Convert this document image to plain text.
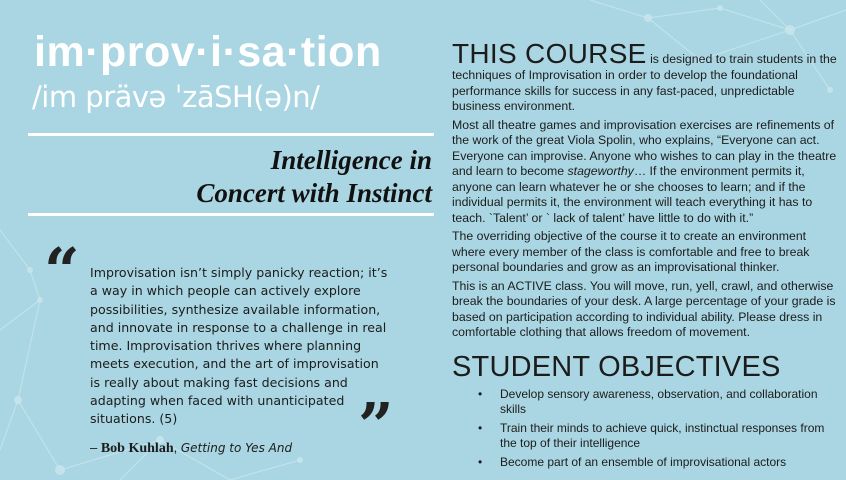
im·prov·i·sa·tion
/im prävə ˈzāSH(ə)n/
Intelligence in
Concert with Instinct
“ Improvisation isn’t simply panicky reaction; it’s a way in which people can actively explore possibilities, synthesize available information, and innovate in response to a challenge in real time. Improvisation thrives where planning meets execution, and the art of improvisation is really about making fast decisions and adapting when faced with unanticipated situations. (5)	”
– Bob Kuhlah, Getting to Yes And

THIS COURSE is designed to train students in the techniques of Improvisation in order to develop the foundational performance skills for success in any fast-paced, unpredictable business environment.

Most all theatre games and improvisation exercises are refinements of the work of the great Viola Spolin, who explains, “Everyone can act. Everyone can improvise. Anyone who wishes to can play in the theatre and learn to become stageworthy… If the environment permits it, anyone can learn whatever he or she chooses to learn; and if the individual permits it, the environment will teach everything it has to teach. `Talent’ or ` lack of talent’ have little to do with it.”

The overriding objective of the course it to create an environment where every member of the class is comfortable and free to break personal boundaries and grow as an improvisational thinker.

This is an ACTIVE class. You will move, run, yell, crawl, and otherwise break the boundaries of your desk. A large percentage of your grade is based on participation according to individual ability. Please dress in comfortable clothing that allows freedom of movement.

STUDENT OBJECTIVES
• Develop sensory awareness, observation, and collaboration skills
• Train their minds to achieve quick, instinctual responses from the top of their intelligence
• Become part of an ensemble of improvisational actors
